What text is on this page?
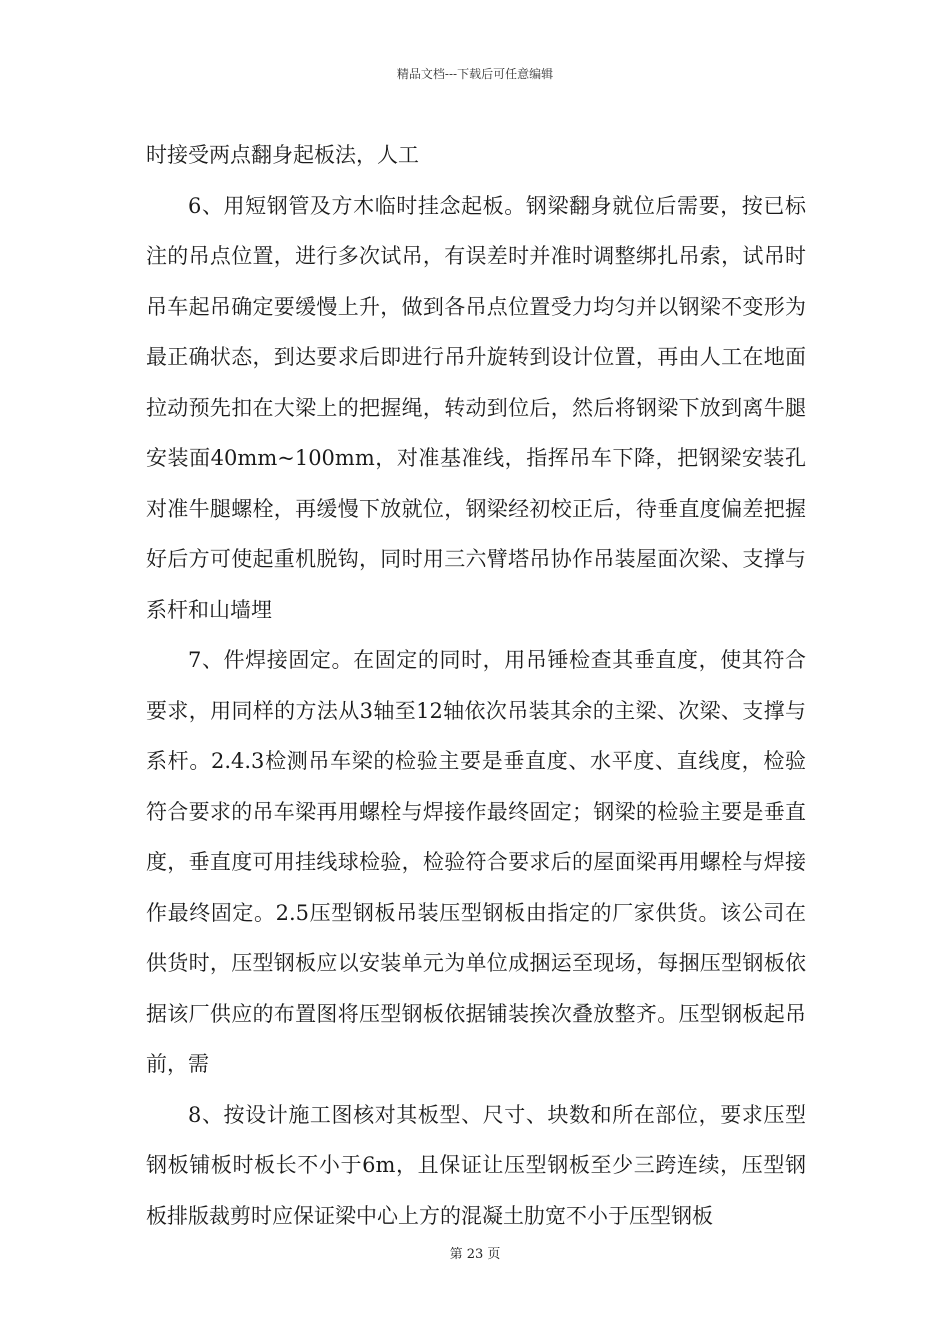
精品文档---下载后可任意编辑

时接受两点翻身起板法，人工

6、用短钢管及方木临时挂念起板。钢梁翻身就位后需要，按已标注的吊点位置，进行多次试吊，有误差时并准时调整绑扎吊索，试吊时吊车起吊确定要缓慢上升，做到各吊点位置受力均匀并以钢梁不变形为最正确状态，到达要求后即进行吊升旋转到设计位置，再由人工在地面拉动预先扣在大梁上的把握绳，转动到位后，然后将钢梁下放到离牛腿安装面40mm~100mm，对准基准线，指挥吊车下降，把钢梁安装孔对准牛腿螺栓，再缓慢下放就位，钢梁经初校正后，待垂直度偏差把握好后方可使起重机脱钩，同时用三六臂塔吊协作吊装屋面次梁、支撑与系杆和山墙埋

7、件焊接固定。在固定的同时，用吊锤检查其垂直度，使其符合要求，用同样的方法从3轴至12轴依次吊装其余的主梁、次梁、支撑与系杆。2.4.3检测吊车梁的检验主要是垂直度、水平度、直线度，检验符合要求的吊车梁再用螺栓与焊接作最终固定；钢梁的检验主要是垂直度，垂直度可用挂线球检验，检验符合要求后的屋面梁再用螺栓与焊接作最终固定。2.5压型钢板吊装压型钢板由指定的厂家供货。该公司在供货时，压型钢板应以安装单元为单位成捆运至现场，每捆压型钢板依据该厂供应的布置图将压型钢板依据铺装挨次叠放整齐。压型钢板起吊前，需

8、按设计施工图核对其板型、尺寸、块数和所在部位，要求压型钢板铺板时板长不小于6m，且保证让压型钢板至少三跨连续，压型钢板排版裁剪时应保证梁中心上方的混凝土肋宽不小于压型钢板

第 23 页
